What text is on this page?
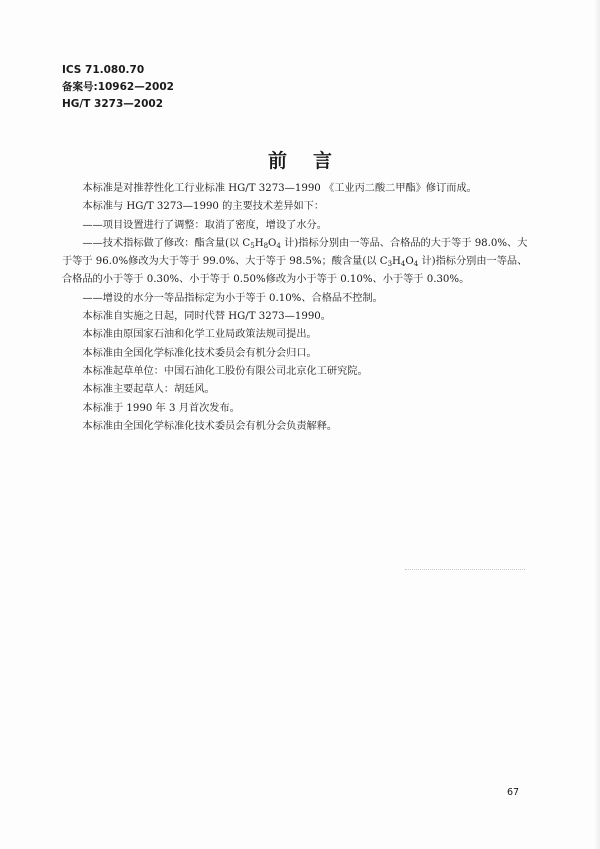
ICS 71.080.70
备案号:10962—2002
HG/T 3273—2002
前言

本标准是对推荐性化工行业标准 HG/T 3273—1990 《工业丙二酸二甲酯》修订而成。

本标准与 HG/T 3273—1990 的主要技术差异如下：

——项目设置进行了调整：取消了密度，增设了水分。

——技术指标做了修改：酯含量(以 $C_5H_8O_4$ 计)指标分别由一等品、合格品的大于等于 98.0%、大于等于 96.0%修改为大于等于 99.0%、大于等于 98.5%；酸含量(以 $C_3H_4O_4$ 计)指标分别由一等品、合格品的小于等于 0.30%、小于等于 0.50%修改为小于等于 0.10%、小于等于 0.30%。

——增设的水分一等品指标定为小于等于 0.10%、合格品不控制。

本标准自实施之日起，同时代替 HG/T 3273—1990。

本标准由原国家石油和化学工业局政策法规司提出。

本标准由全国化学标准化技术委员会有机分会归口。

本标准起草单位：中国石油化工股份有限公司北京化工研究院。

本标准主要起草人：胡廷风。

本标准于 1990 年 3 月首次发布。

本标准由全国化学标准化技术委员会有机分会负责解释。

67
